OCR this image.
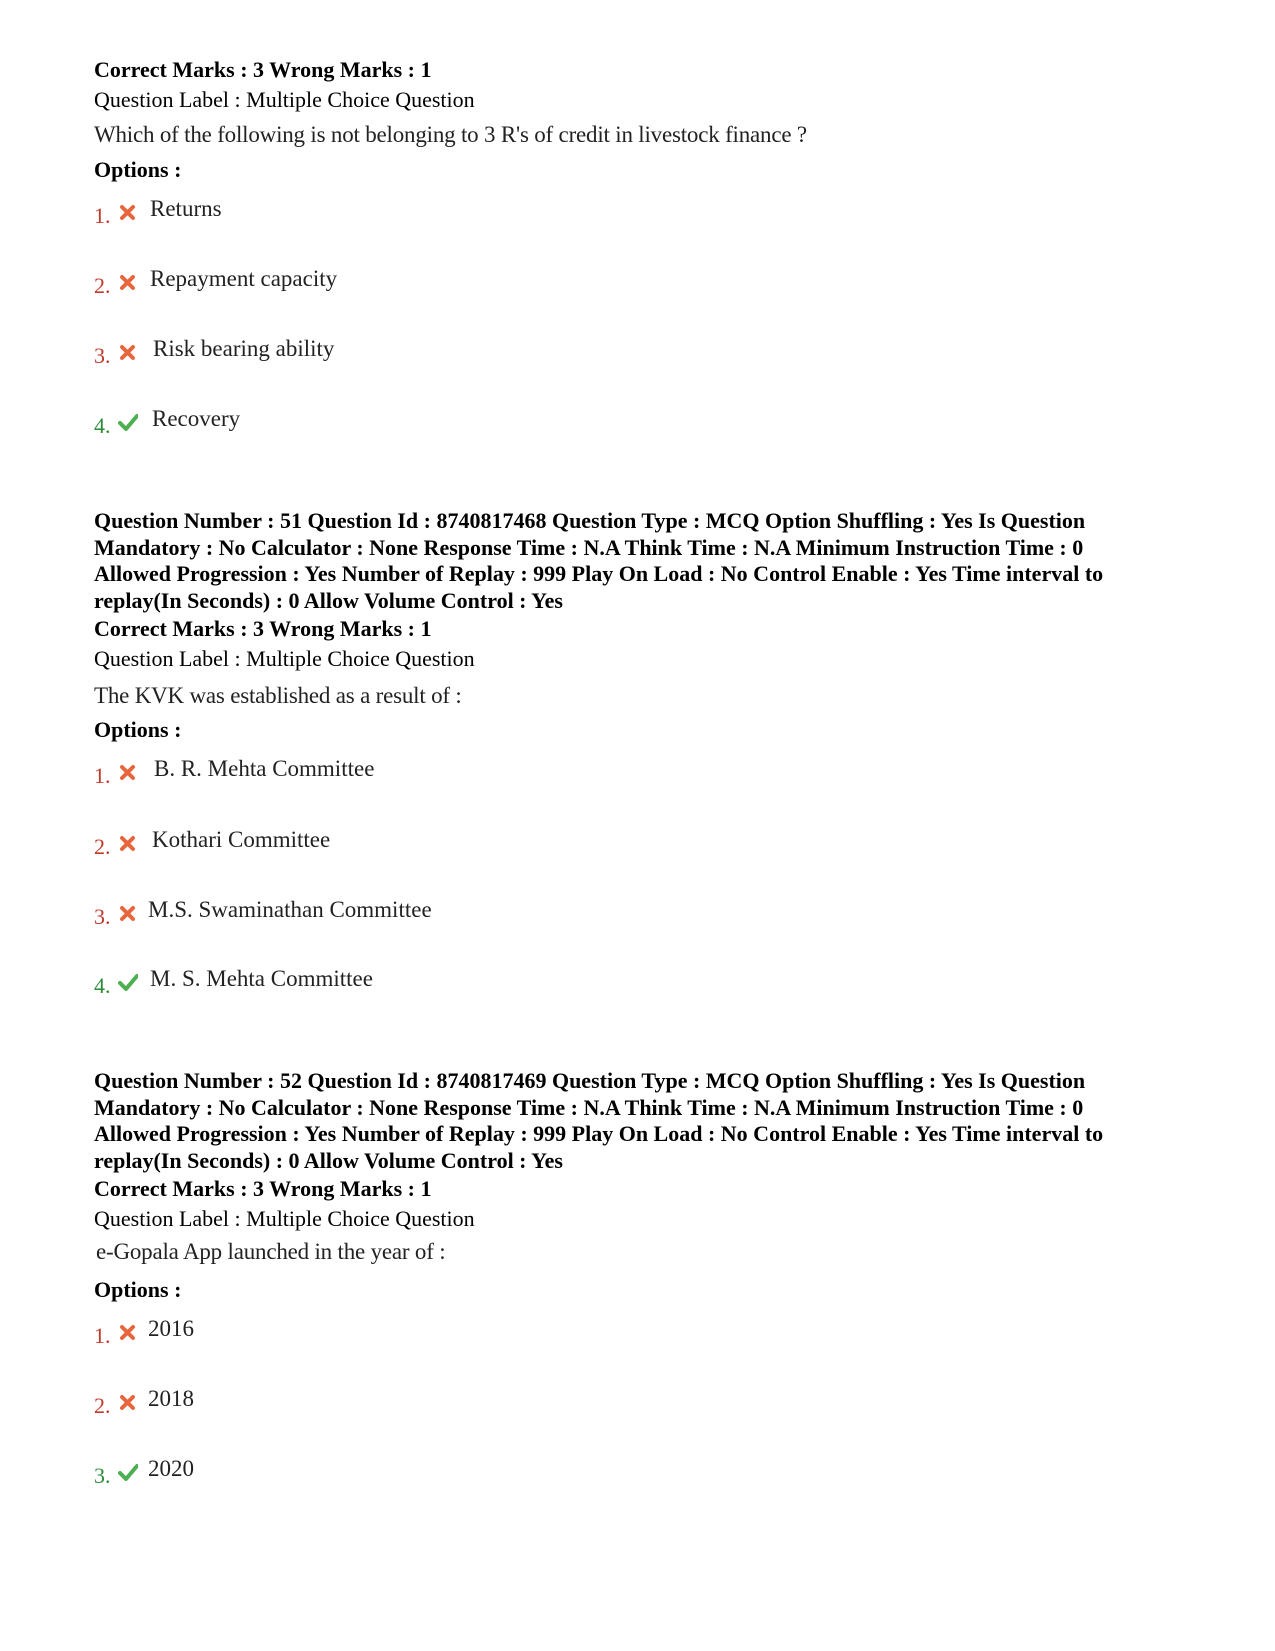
Correct Marks : 3 Wrong Marks : 1
Question Label : Multiple Choice Question
Which of the following is not belonging to 3 R's of credit in livestock finance ?
Options :
1. Returns
2. Repayment capacity
3. Risk bearing ability
4. Recovery
Question Number : 51 Question Id : 8740817468 Question Type : MCQ Option Shuffling : Yes Is Question
Mandatory : No Calculator : None Response Time : N.A Think Time : N.A Minimum Instruction Time : 0
Allowed Progression : Yes Number of Replay : 999 Play On Load : No Control Enable : Yes Time interval to
replay(In Seconds) : 0 Allow Volume Control : Yes
Correct Marks : 3 Wrong Marks : 1
Question Label : Multiple Choice Question
The KVK was established as a result of :
Options :
1. B. R. Mehta Committee
2. Kothari Committee
3. M.S. Swaminathan Committee
4. M. S. Mehta Committee
Question Number : 52 Question Id : 8740817469 Question Type : MCQ Option Shuffling : Yes Is Question
Mandatory : No Calculator : None Response Time : N.A Think Time : N.A Minimum Instruction Time : 0
Allowed Progression : Yes Number of Replay : 999 Play On Load : No Control Enable : Yes Time interval to
replay(In Seconds) : 0 Allow Volume Control : Yes
Correct Marks : 3 Wrong Marks : 1
Question Label : Multiple Choice Question
e-Gopala App launched in the year of :
Options :
1. 2016
2. 2018
3. 2020
